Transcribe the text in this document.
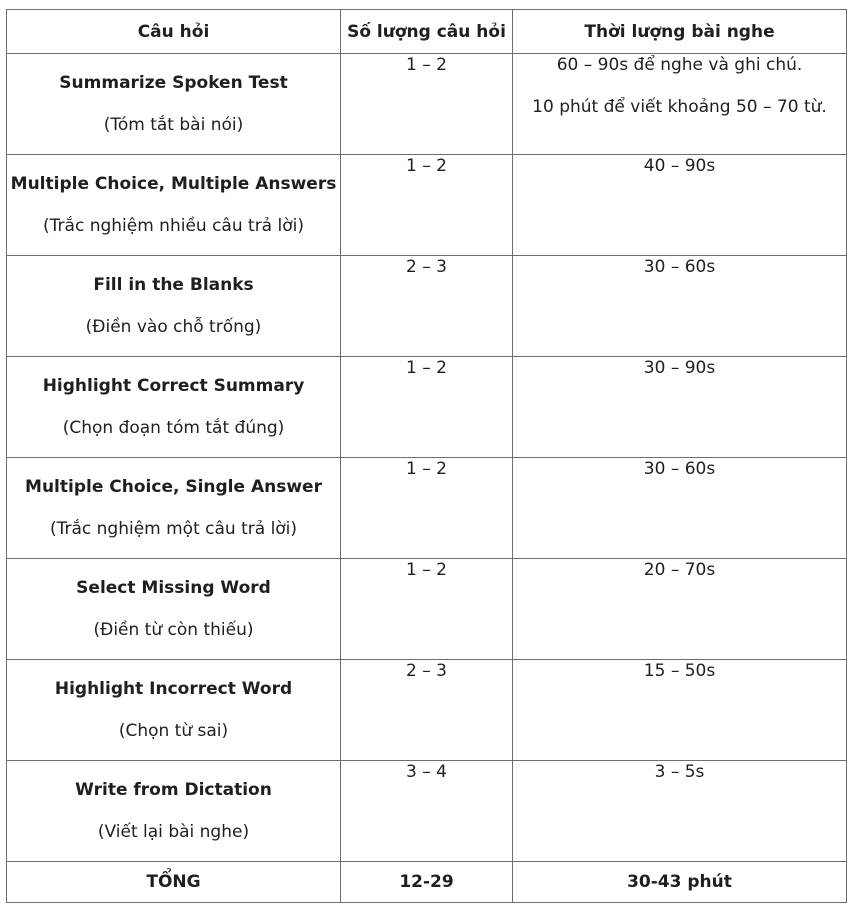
Câu hỏi	Số lượng câu hỏi	Thời lượng bài nghe

Summarize Spoken Test
(Tóm tắt bài nói)	1 – 2	60 – 90s để nghe và ghi chú.
10 phút để viết khoảng 50 – 70 từ.

Multiple Choice, Multiple Answers
(Trắc nghiệm nhiều câu trả lời)	1 – 2	40 – 90s

Fill in the Blanks
(Điền vào chỗ trống)	2 – 3	30 – 60s

Highlight Correct Summary
(Chọn đoạn tóm tắt đúng)	1 – 2	30 – 90s

Multiple Choice, Single Answer
(Trắc nghiệm một câu trả lời)	1 – 2	30 – 60s

Select Missing Word
(Điền từ còn thiếu)	1 – 2	20 – 70s

Highlight Incorrect Word
(Chọn từ sai)	2 – 3	15 – 50s

Write from Dictation
(Viết lại bài nghe)	3 – 4	3 – 5s
TỔNG	12-29	30-43 phút
